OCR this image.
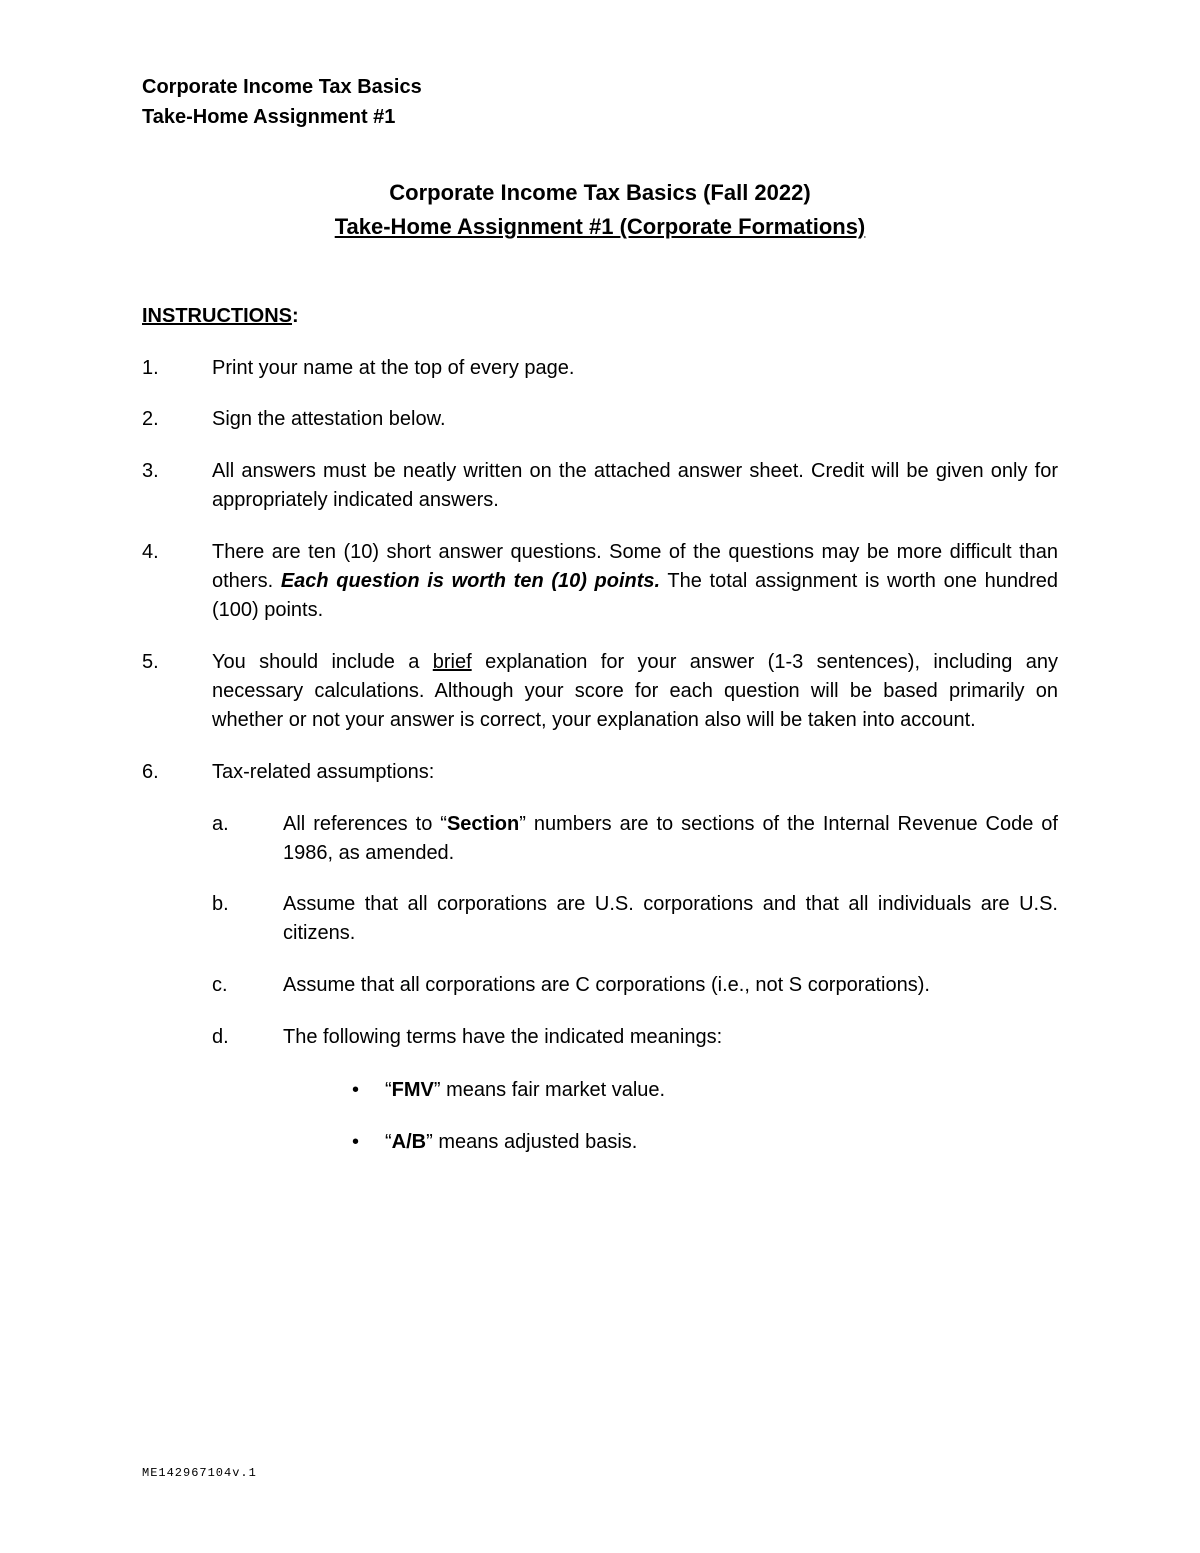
Corporate Income Tax Basics
Take-Home Assignment #1
Corporate Income Tax Basics (Fall 2022)
Take-Home Assignment #1 (Corporate Formations)
INSTRUCTIONS:
1.	Print your name at the top of every page.
2.	Sign the attestation below.
3.	All answers must be neatly written on the attached answer sheet. Credit will be given only for appropriately indicated answers.
4.	There are ten (10) short answer questions. Some of the questions may be more difficult than others. Each question is worth ten (10) points. The total assignment is worth one hundred (100) points.
5.	You should include a brief explanation for your answer (1-3 sentences), including any necessary calculations. Although your score for each question will be based primarily on whether or not your answer is correct, your explanation also will be taken into account.
6.	Tax-related assumptions:
a.	All references to “Section” numbers are to sections of the Internal Revenue Code of 1986, as amended.
b.	Assume that all corporations are U.S. corporations and that all individuals are U.S. citizens.
c.	Assume that all corporations are C corporations (i.e., not S corporations).
d.	The following terms have the indicated meanings:
• “FMV” means fair market value.
• “A/B” means adjusted basis.
ME142967104v.1
